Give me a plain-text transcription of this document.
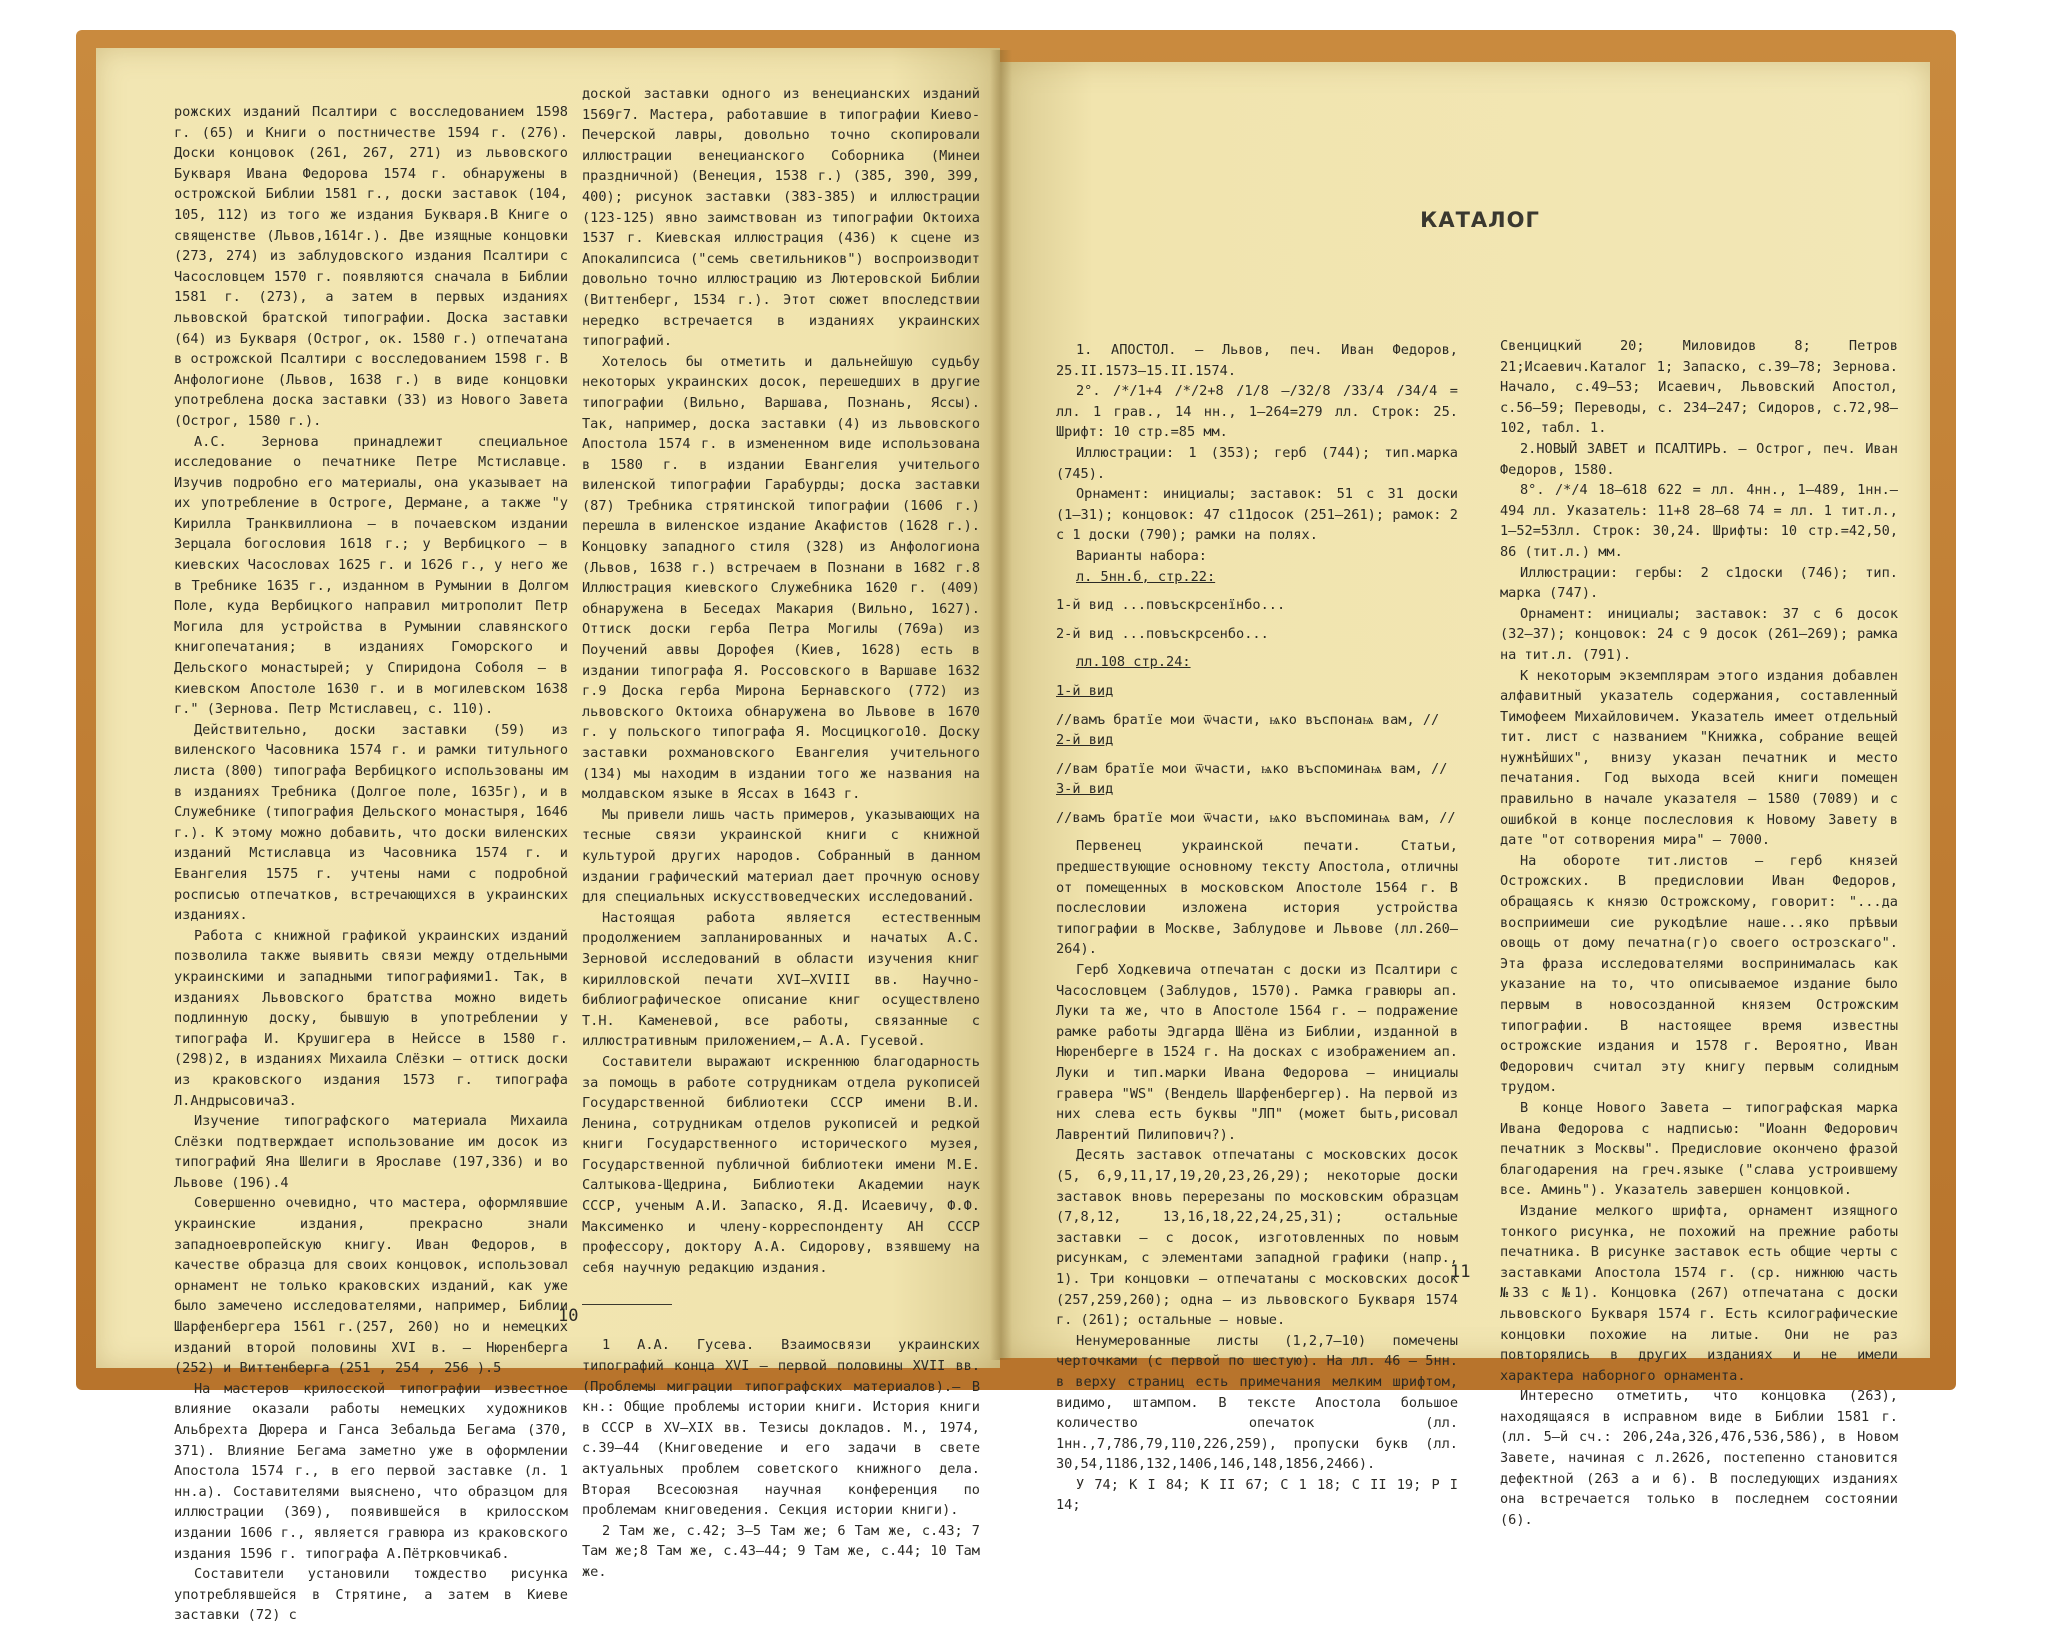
рожских изданий Псалтири с восследованием 1598 г. (65) и Книги о постничестве 1594 г. (276). Доски концовок (261, 267, 271) из львовского Букваря Ивана Федорова 1574 г. обнаружены в острожской Библии 1581 г., доски заставок (104, 105, 112) из того же издания Букваря.В Книге о священстве (Львов,1614г.). Две изящные концовки (273, 274) из заблудовского издания Псалтири с Часословцем 1570 г. появляются сначала в Библии 1581 г. (273), а затем в первых изданиях львовской братской типографии. Доска заставки (64) из Букваря (Острог, ок. 1580 г.) отпечатана в острожской Псалтири с восследованием 1598 г. В Анфологионе (Львов, 1638 г.) в виде концовки употреблена доска заставки (33) из Нового Завета (Острог, 1580 г.).

А.С. Зернова принадлежит специальное исследование о печатнике Петре Мстиславце. Изучив подробно его материалы, она указывает на их употребление в Остроге, Дермане, а также "у Кирилла Транквиллиона – в почаевском издании Зерцала богословия 1618 г.; у Вербицкого – в киевских Часословах 1625 г. и 1626 г., у него же в Требнике 1635 г., изданном в Румынии в Долгом Поле, куда Вербицкого направил митрополит Петр Могила для устройства в Румынии славянского книгопечатания; в изданиях Гоморского и Дельского монастырей; у Спиридона Соболя – в киевском Апостоле 1630 г. и в могилевском 1638 г." (Зернова. Петр Мстиславец, с. 110).

Действительно, доски заставки (59) из виленского Часовника 1574 г. и рамки титульного листа (800) типографа Вербицкого использованы им в изданиях Требника (Долгое поле, 1635г), и в Служебнике (типография Дельского монастыря, 1646 г.). К этому можно добавить, что доски виленских изданий Мстиславца из Часовника 1574 г. и Евангелия 1575 г. учтены нами с подробной росписью отпечатков, встречающихся в украинских изданиях.

Работа с книжной графикой украинских изданий позволила также выявить связи между отдельными украинскими и западными типографиями1. Так, в изданиях Львовского братства можно видеть подлинную доску, бывшую в употреблении у типографа И. Крушигера в Нейссе в 1580 г. (298)2, в изданиях Михаила Слёзки – оттиск доски из краковского издания 1573 г. типографа Л.Андрысовича3.

Изучение типографского материала Михаила Слёзки подтверждает использование им досок из типографий Яна Шелиги в Ярославе (197,336) и во Львове (196).4

Совершенно очевидно, что мастера, оформлявшие украинские издания, прекрасно знали западноевропейскую книгу. Иван Федоров, в качестве образца для своих концовок, использовал орнамент не только краковских изданий, как уже было замечено исследователями, например, Библии Шарфенбергера 1561 г.(257, 260) но и немецких изданий второй половины XVI в. – Нюренберга (252) и Виттенберга (251 , 254 , 256 ).5

На мастеров крилосской типографии известное влияние оказали работы немецких художников Альбрехта Дюрера и Ганса Зебальда Бегама (370, 371). Влияние Бегама заметно уже в оформлении Апостола 1574 г., в его первой заставке (л. 1 нн.а). Составителями выяснено, что образцом для иллюстрации (369), появившейся в крилосском издании 1606 г., является гравюра из краковского издания 1596 г. типографа А.Пётрковчика6.

Составители установили тождество рисунка употреблявшейся в Стрятине, а затем в Киеве заставки (72) с

доской заставки одного из венецианских изданий 1569г7. Мастера, работавшие в типографии Киево-Печерской лавры, довольно точно скопировали иллюстрации венецианского Соборника (Минеи праздничной) (Венеция, 1538 г.) (385, 390, 399, 400); рисунок заставки (383-385) и иллюстрации (123-125) явно заимствован из типографии Октоиха 1537 г. Киевская иллюстрация (436) к сцене из Апокалипсиса ("семь светильников") воспроизводит довольно точно иллюстрацию из Лютеровской Библии (Виттенберг, 1534 г.). Этот сюжет впоследствии нередко встречается в изданиях украинских типографий.

Хотелось бы отметить и дальнейшую судьбу некоторых украинских досок, перешедших в другие типографии (Вильно, Варшава, Познань, Яссы). Так, например, доска заставки (4) из львовского Апостола 1574 г. в измененном виде использована в 1580 г. в издании Евангелия учителього виленской типографии Гарабурды; доска заставки (87) Требника стрятинской типографии (1606 г.) перешла в виленское издание Акафистов (1628 г.). Концовку западного стиля (328) из Анфологиона (Львов, 1638 г.) встречаем в Познани в 1682 г.8 Иллюстрация киевского Служебника 1620 г. (409) обнаружена в Беседах Макария (Вильно, 1627). Оттиск доски герба Петра Могилы (769а) из Поучений аввы Дорофея (Киев, 1628) есть в издании типографа Я. Россовского в Варшаве 1632 г.9 Доска герба Мирона Бернавского (772) из львовского Октоиха обнаружена во Львове в 1670 г. у польского типографа Я. Мосцицкого10. Доску заставки рохмановского Евангелия учительного (134) мы находим в издании того же названия на молдавском языке в Яссах в 1643 г.

Мы привели лишь часть примеров, указывающих на тесные связи украинской книги с книжной культурой других народов. Собранный в данном издании графический материал дает прочную основу для специальных искусствоведческих исследований.

Настоящая работа является естественным продолжением запланированных и начатых А.С. Зерновой исследований в области изучения книг кирилловской печати XVI–XVIII вв. Научно-библиографическое описание книг осуществлено Т.Н. Каменевой, все работы, связанные с иллюстративным приложением,– А.А. Гусевой.

Составители выражают искреннюю благодарность за помощь в работе сотрудникам отдела рукописей Государственной библиотеки СССР имени В.И. Ленина, сотрудникам отделов рукописей и редкой книги Государственного исторического музея, Государственной публичной библиотеки имени М.Е. Салтыкова-Щедрина, Библиотеки Академии наук СССР, ученым А.И. Запаско, Я.Д. Исаевичу, Ф.Ф. Максименко и члену-корреспонденту АН СССР профессору, доктору А.А. Сидорову, взявшему на себя научную редакцию издания.

1 А.А. Гусева. Взаимосвязи украинских типографий конца XVI – первой половины XVII вв. (Проблемы миграции типографских материалов).– В кн.: Общие проблемы истории книги. История книги в СССР в XV–XIX вв. Тезисы докладов. М., 1974, с.39–44 (Книговедение и его задачи в свете актуальных проблем советского книжного дела. Вторая Всесоюзная научная конференция по проблемам книговедения. Секция истории книги).

2 Там же, с.42; 3–5 Там же; 6 Там же, с.43; 7 Там же;8 Там же, с.43–44; 9 Там же, с.44; 10 Там же.

10
КАТАЛОГ

1. АПОСТОЛ. – Львов, печ. Иван Федоров, 25.II.1573–15.II.1574.

2°. /*/1+4 /*/2+8 /1/8 –/32/8 /33/4 /34/4 = лл. 1 грав., 14 нн., 1–264=279 лл. Строк: 25. Шрифт: 10 стр.=85 мм.

Иллюстрации: 1 (353); герб (744); тип.марка (745).

Орнамент: инициалы; заставок: 51 с 31 доски (1–31); концовок: 47 с11досок (251–261); рамок: 2 с 1 доски (790); рамки на полях.

Варианты набора:

л. 5нн.б, стр.22:

1-й вид ...повъскрсенїнбо...

2-й вид ...повъскрсенбо...

лл.108 стр.24:

1-й вид

//вамъ братїе мои ѿчасти, ѩко въспонаѩ вам, //

2-й вид

//вам братїе мои ѿчасти, ѩко въспоминаѩ вам, //

3-й вид

//вамъ братїе мои ѿчасти, ѩко въспоминаѩ вам, //

Первенец украинской печати. Статьи, предшествующие основному тексту Апостола, отличны от помещенных в московском Апостоле 1564 г. В послесловии изложена история устройства типографии в Москве, Заблудове и Львове (лл.260–264).

Герб Ходкевича отпечатан с доски из Псалтири с Часословцем (Заблудов, 1570). Рамка гравюры ап. Луки та же, что в Апостоле 1564 г. – подражение рамке работы Эдгарда Шёна из Библии, изданной в Нюренберге в 1524 г. На досках с изображением ап. Луки и тип.марки Ивана Федорова – инициалы гравера "WS" (Вендель Шарфенбергер). На первой из них слева есть буквы "ЛП" (может быть,рисовал Лаврентий Пилипович?).

Десять заставок отпечатаны с московских досок (5, 6,9,11,17,19,20,23,26,29); некоторые доски заставок вновь перерезаны по московским образцам (7,8,12, 13,16,18,22,24,25,31); остальные заставки – с досок, изготовленных по новым рисункам, с элементами западной графики (напр., 1). Три концовки – отпечатаны с московских досок (257,259,260); одна – из львовского Букваря 1574 г. (261); остальные – новые.

Ненумерованные листы (1,2,7–10) помечены черточками (с первой по шестую). На лл. 46 – 5нн. в верху страниц есть примечания мелким шрифтом, видимо, штампом. В тексте Апостола большое количество опечаток (лл. 1нн.,7,786,79,110,226,259), пропуски букв (лл. 30,54,1186,132,1406,146,148,1856,2466).

У 74; К I 84; К II 67; С 1 18; С II 19; Р I 14;

Свенцицкий 20; Миловидов 8; Петров 21;Исаевич.Каталог 1; Запаско, с.39–78; Зернова. Начало, с.49–53; Исаевич, Львовский Апостол, с.56–59; Переводы, с. 234–247; Сидоров, с.72,98–102, табл. 1.

2.НОВЫЙ ЗАВЕТ и ПСАЛТИРЬ. – Острог, печ. Иван Федоров, 1580.

8°. /*/4 18–618 622 = лл. 4нн., 1–489, 1нн.– 494 лл. Указатель: 11+8 28–68 74 = лл. 1 тит.л., 1–52=53лл. Строк: 30,24. Шрифты: 10 стр.=42,50, 86 (тит.л.) мм.

Иллюстрации: гербы: 2 с1доски (746); тип. марка (747).

Орнамент: инициалы; заставок: 37 с 6 досок (32–37); концовок: 24 с 9 досок (261–269); рамка на тит.л. (791).

К некоторым экземплярам этого издания добавлен алфавитный указатель содержания, составленный Тимофеем Михайловичем. Указатель имеет отдельный тит. лист с названием "Книжка, собрание вещей нужнѣйших", внизу указан печатник и место печатания. Год выхода всей книги помещен правильно в начале указателя – 1580 (7089) и с ошибкой в конце послесловия к Новому Завету в дате "от сотворения мира" – 7000.

На обороте тит.листов – герб князей Острожских. В предисловии Иван Федоров, обращаясь к князю Острожскому, говорит: "...да восприимеши сие рукодѣлие наше...яко прѣвыи овощь от дому печатна(г)о своего острозскаго". Эта фраза исследователями воспринималась как указание на то, что описываемое издание было первым в новосозданной князем Острожским типографии. В настоящее время известны острожские издания и 1578 г. Вероятно, Иван Федорович считал эту книгу первым солидным трудом.

В конце Нового Завета – типографская марка Ивана Федорова с надписью: "Иоанн Федорович печатник з Москвы". Предисловие окончено фразой благодарения на греч.языке ("слава устроившему все. Аминь"). Указатель завершен концовкой.

Издание мелкого шрифта, орнамент изящного тонкого рисунка, не похожий на прежние работы печатника. В рисунке заставок есть общие черты с заставками Апостола 1574 г. (ср. нижнюю часть №33 с №1). Концовка (267) отпечатана с доски львовского Букваря 1574 г. Есть ксилографические концовки похожие на литые. Они не раз повторялись в других изданиях и не имели характера наборного орнамента.

Интересно отметить, что концовка (263), находящаяся в исправном виде в Библии 1581 г. (лл. 5–й сч.: 206,24а,326,476,536,586), в Новом Завете, начиная с л.2626, постепенно становится дефектной (263 а и 6). В последующих изданиях она встречается только в последнем состоянии (6).

11
